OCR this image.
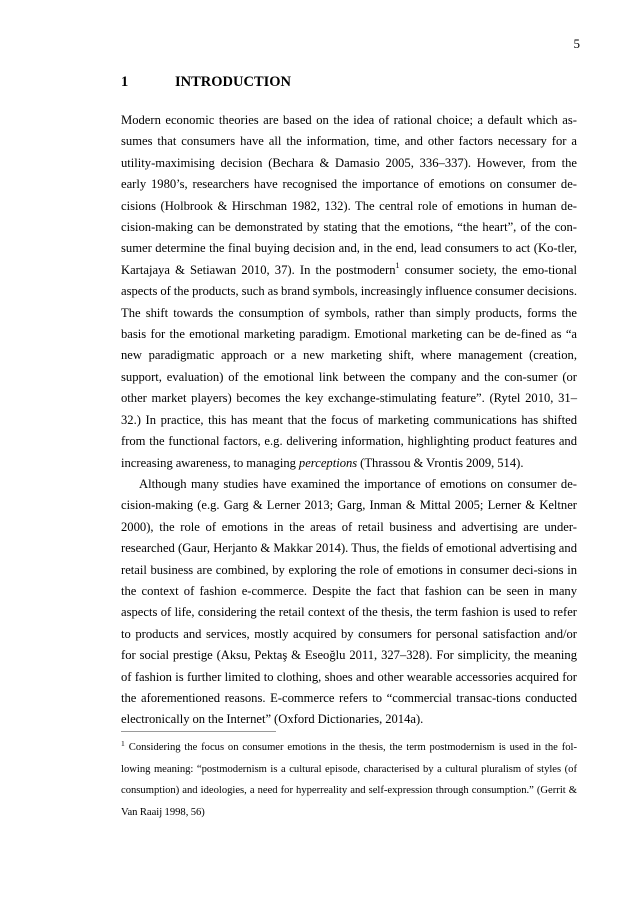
5
1	INTRODUCTION

Modern economic theories are based on the idea of rational choice; a default which as-sumes that consumers have all the information, time, and other factors necessary for a utility-maximising decision (Bechara & Damasio 2005, 336–337). However, from the early 1980’s, researchers have recognised the importance of emotions on consumer de-cisions (Holbrook & Hirschman 1982, 132). The central role of emotions in human de-cision-making can be demonstrated by stating that the emotions, “the heart”, of the con-sumer determine the final buying decision and, in the end, lead consumers to act (Ko-tler, Kartajaya & Setiawan 2010, 37). In the postmodern$^1$ consumer society, the emo-tional aspects of the products, such as brand symbols, increasingly influence consumer decisions. The shift towards the consumption of symbols, rather than simply products, forms the basis for the emotional marketing paradigm. Emotional marketing can be de-fined as “a new paradigmatic approach or a new marketing shift, where management (creation, support, evaluation) of the emotional link between the company and the con-sumer (or other market players) becomes the key exchange-stimulating feature”. (Rytel 2010, 31–32.) In practice, this has meant that the focus of marketing communications has shifted from the functional factors, e.g. delivering information, highlighting product features and increasing awareness, to managing perceptions (Thrassou & Vrontis 2009, 514).

Although many studies have examined the importance of emotions on consumer de-cision-making (e.g. Garg & Lerner 2013; Garg, Inman & Mittal 2005; Lerner & Keltner 2000), the role of emotions in the areas of retail business and advertising are under-researched (Gaur, Herjanto & Makkar 2014). Thus, the fields of emotional advertising and retail business are combined, by exploring the role of emotions in consumer deci-sions in the context of fashion e-commerce. Despite the fact that fashion can be seen in many aspects of life, considering the retail context of the thesis, the term fashion is used to refer to products and services, mostly acquired by consumers for personal satisfaction and/or for social prestige (Aksu, Pektaş & Eseoğlu 2011, 327–328). For simplicity, the meaning of fashion is further limited to clothing, shoes and other wearable accessories acquired for the aforementioned reasons. E-commerce refers to “commercial transac-tions conducted electronically on the Internet” (Oxford Dictionaries, 2014a).

$^1$ Considering the focus on consumer emotions in the thesis, the term postmodernism is used in the fol-lowing meaning: “postmodernism is a cultural episode, characterised by a cultural pluralism of styles (of consumption) and ideologies, a need for hyperreality and self-expression through consumption.” (Gerrit & Van Raaij 1998, 56)
